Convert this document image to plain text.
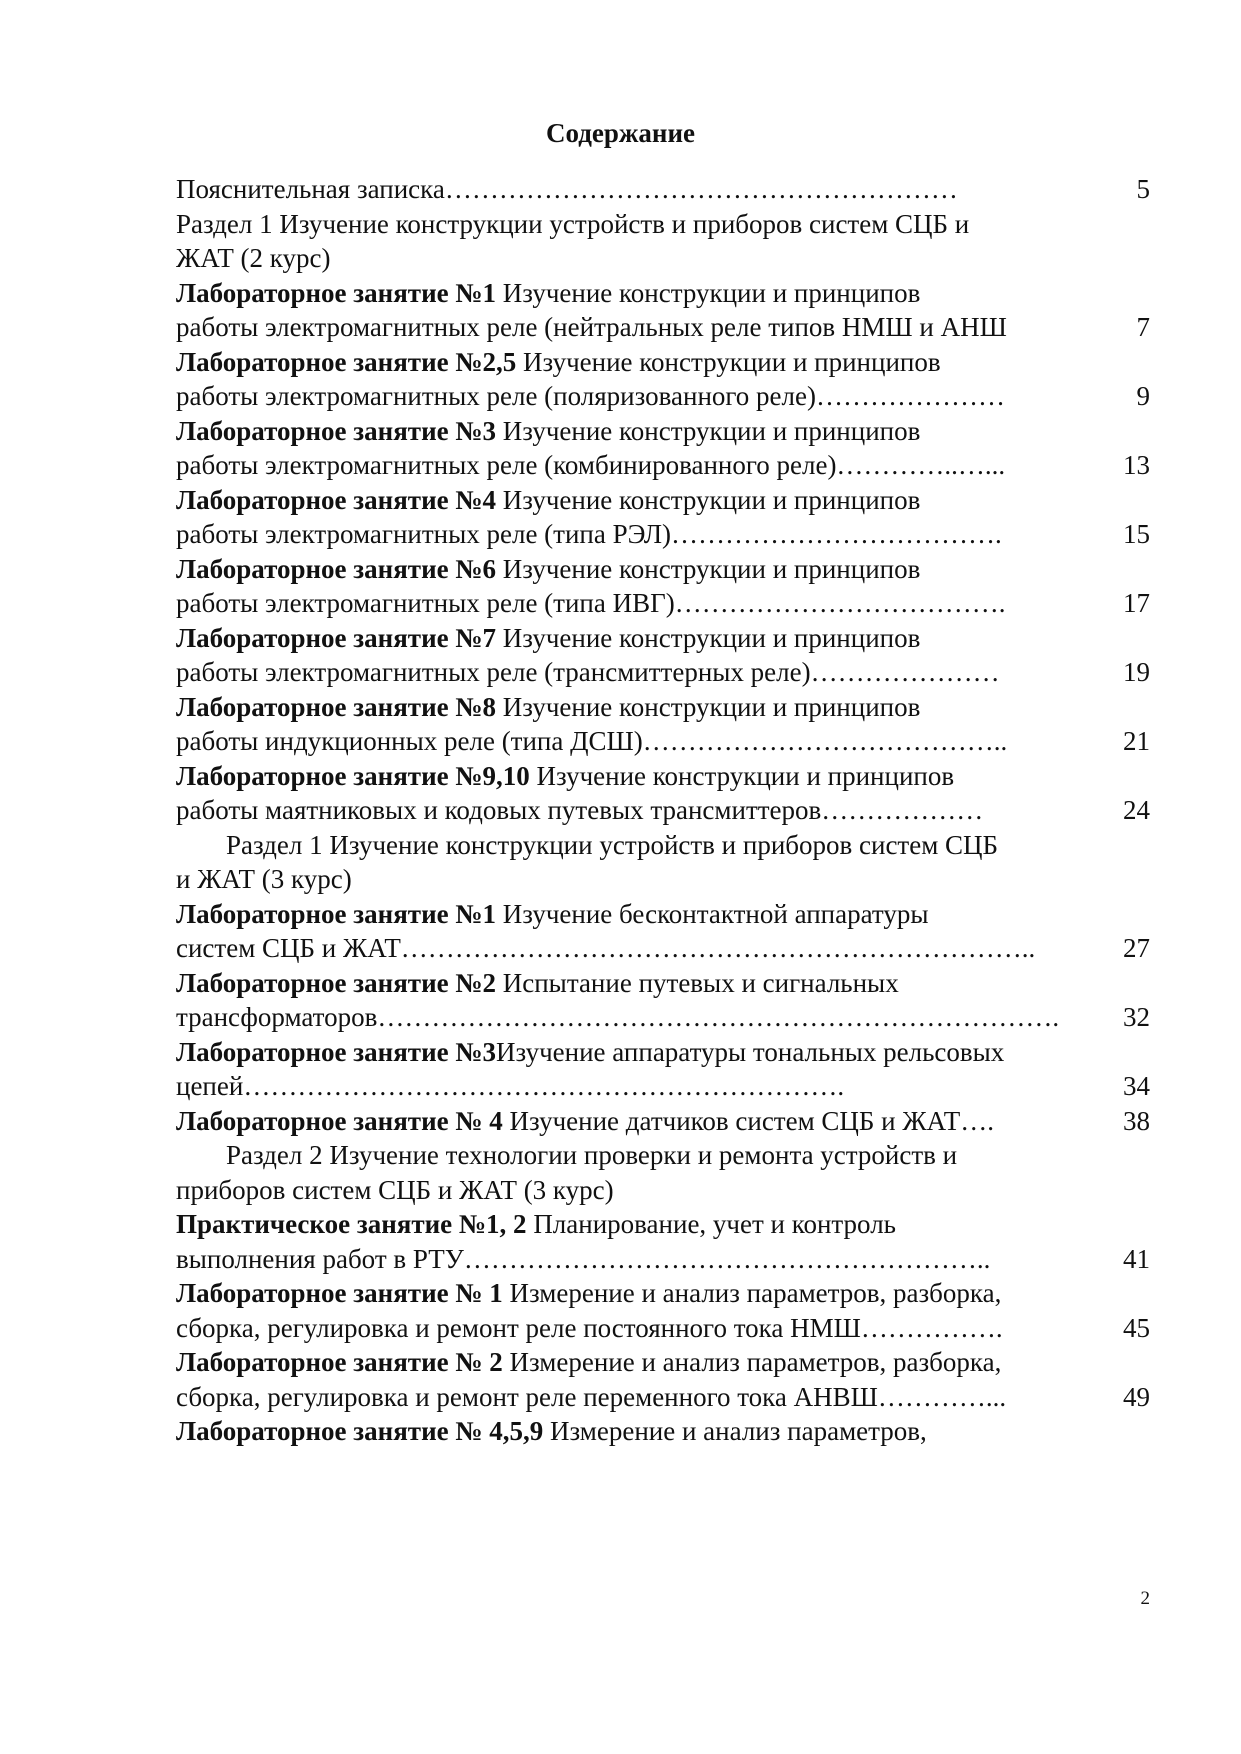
Содержание
Пояснительная записка…………………………………………………	5
Раздел 1 Изучение конструкции устройств и приборов систем СЦБ и
ЖАТ (2 курс)
Лабораторное занятие №1 Изучение конструкции и принципов
работы электромагнитных реле (нейтральных реле типов НМШ и АНШ	7
Лабораторное занятие №2,5 Изучение конструкции и принципов
работы электромагнитных реле (поляризованного реле)…………………	9
Лабораторное занятие №3 Изучение конструкции и принципов
работы электромагнитных реле (комбинированного реле)…………..…...	13
Лабораторное занятие №4 Изучение конструкции и принципов
работы электромагнитных реле (типа РЭЛ)……………………………….	15
Лабораторное занятие №6 Изучение конструкции и принципов
работы электромагнитных реле (типа ИВГ)……………………………….	17
Лабораторное занятие №7 Изучение конструкции и принципов
работы электромагнитных реле (трансмиттерных реле)…………………	19
Лабораторное занятие №8 Изучение конструкции и принципов
работы индукционных реле (типа ДСШ)…………………………………..	21
Лабораторное занятие №9,10 Изучение конструкции и принципов
работы маятниковых и кодовых путевых трансмиттеров………………	24
Раздел 1 Изучение конструкции устройств и приборов систем СЦБ
и ЖАТ (3 курс)
Лабораторное занятие №1 Изучение бесконтактной аппаратуры
систем СЦБ и ЖАТ……………………………………………………………..	27
Лабораторное занятие №2 Испытание путевых и сигнальных
трансформаторов………………………………………………………………….	32
Лабораторное занятие №3Изучение аппаратуры тональных рельсовых
цепей………………………………………………………….	34
Лабораторное занятие № 4 Изучение датчиков систем СЦБ и ЖАТ….	38
Раздел 2 Изучение технологии проверки и ремонта устройств и
приборов систем СЦБ и ЖАТ (3 курс)
Практическое занятие №1, 2 Планирование, учет и контроль
выполнения работ в РТУ…………………………………………………..	41
Лабораторное занятие № 1 Измерение и анализ параметров, разборка,
сборка, регулировка и ремонт реле постоянного тока НМШ…………….	45
Лабораторное занятие № 2 Измерение и анализ параметров, разборка,
сборка, регулировка и ремонт реле переменного тока АНВШ…………...	49
Лабораторное занятие № 4,5,9 Измерение и анализ параметров,
2
